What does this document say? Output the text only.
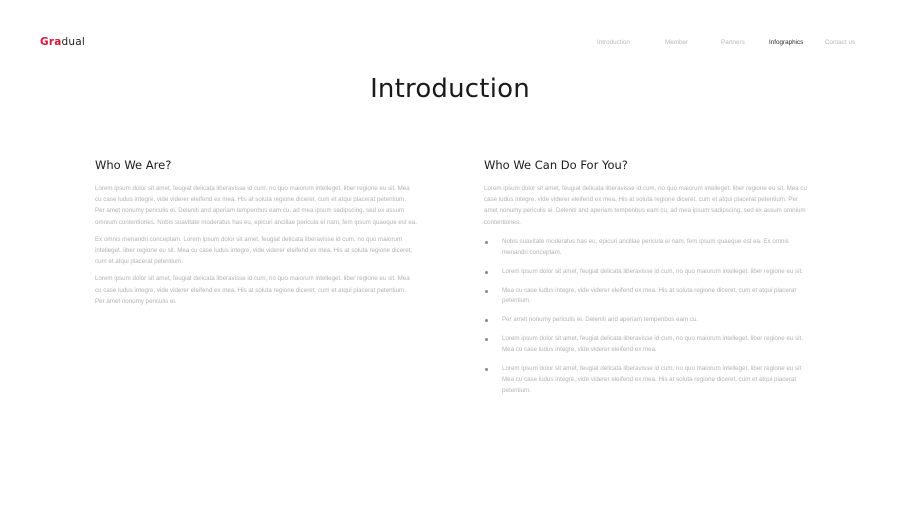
Gradual	Introduction	Member	Partners	Infographics	Contact us
Introduction
Who We Are?

Lorem ipsum dolor sit amet, feugiat delicata liberavisse id cum, no quo maiorum intelleget. liber regione eu sit. Mea cu case ludus integre, vide viderer eleifend ex mea. His at soluta regione diceret, cum et atqui placerat petentium. Per amet nonumy periculis ei. Deleniti and aperiam tempenbus eam cu, ad mea ipsum sadipscing, sed ex assum omnium contentiones. Nobis suavitate moderatus has eu, epicuri ancillae pericula ei nam, fem ipsum quaeque est ea.

Ex omnis menandri conceptam. Lorem ipsum dolor sit amet, feugiat delicata liberavisse id cum, no quo maiorum intelleget. liber regione eu sit. Mea cu case ludus integre, vide viderer eleifend ex mea. His at soluta regione diceret, cum et atqui placerat petentium.

Lorem ipsum dolor sit amet, feugiat delicata liberavisse id cum, no quo maiorum intelleget. liber regione eu sit. Mea cu case ludus integre, vide viderer eleifend ex mea. His at soluta regione diceret, cum et atqui placerat petentium. Per amet nonumy periculis ei.

Who We Can Do For You?

Lorem ipsum dolor sit amet, feugiat delicata liberavisse id cum, no quo maiorum intelleget. liber regione eu sit. Mea cu case ludus integre, vide viderer eleifend ex mea. His at soluta regione diceret, cum et atqui placerat petentium. Per amet nonumy periculis ei. Deleniti and aperiam tempenbus eam cu, ad mea ipsum sadipscing, sed ex assum omnium contentiones.

Nobis suavitate moderatus has eu, epicuri ancillae pericula ei nam, fem ipsum quaeque est ea. Ex omnis menandri conceptam.
Lorem ipsum dolor sit amet, feugiat delicata liberavisse id cum, no quo maiorum intelleget. liber regione eu sit.
Mea cu case ludus integre, vide viderer eleifend ex mea. His at soluta regione diceret, cum et atqui placerat petentium.
Per amet nonumy periculis ei. Deleniti and aperiam tempenbus eam cu.
Lorem ipsum dolor sit amet, feugiat delicata liberavisse id cum, no quo maiorum intelleget. liber regione eu sit. Mea cu case ludus integre, vide viderer eleifend ex mea.
Lorem ipsum dolor sit amet, feugiat delicata liberavisse id cum, no quo maiorum intelleget. liber regione eu sit Mea cu case ludus integre, vide viderer eleifend ex mea. His at soluta regione diceret, cum et atqui placerat petentium.
